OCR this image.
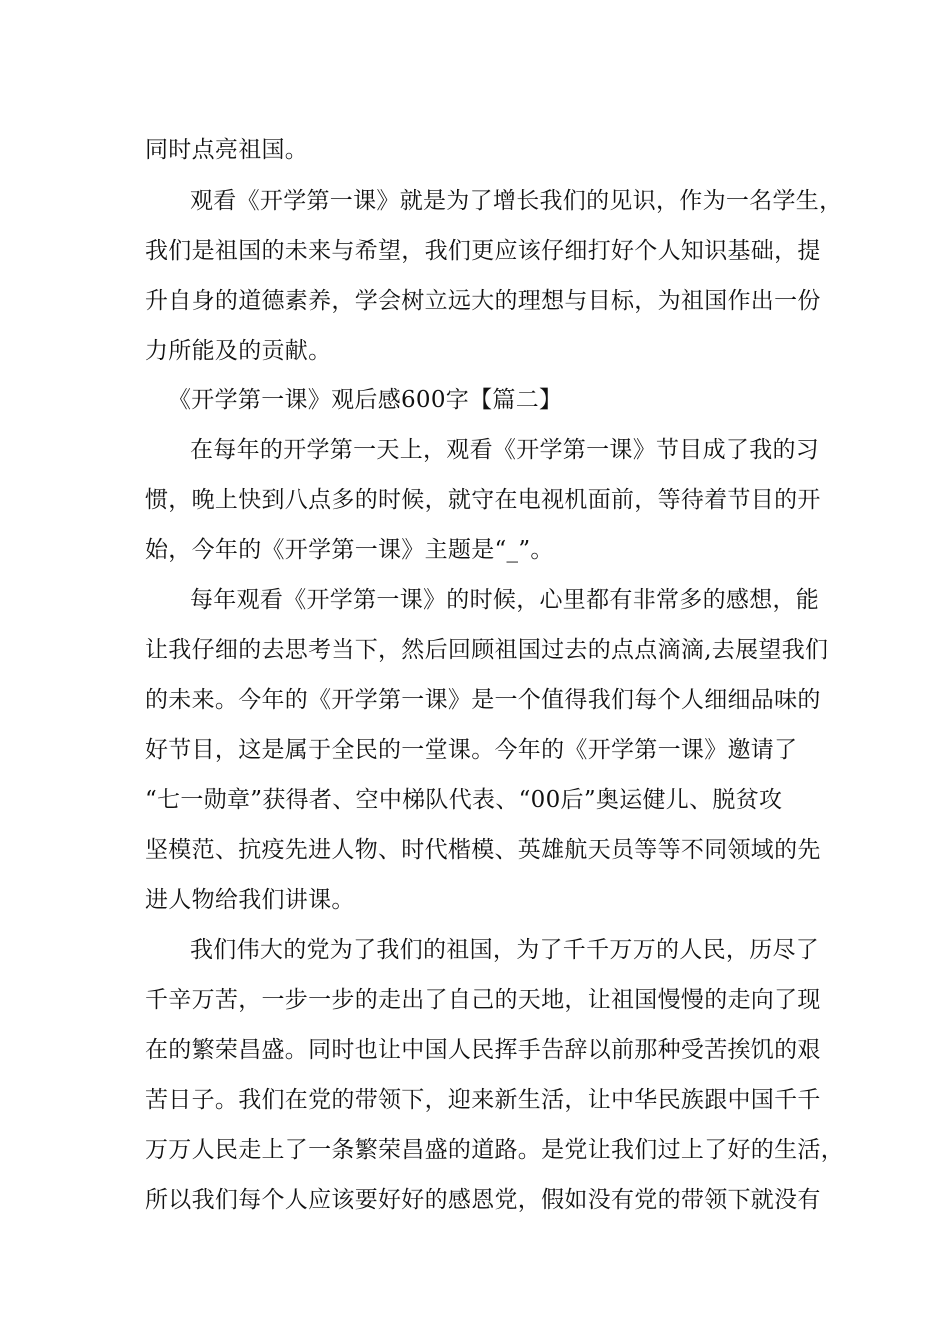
同时点亮祖国。
观看《开学第一课》就是为了增长我们的见识，作为一名学生，
我们是祖国的未来与希望，我们更应该仔细打好个人知识基础，提
升自身的道德素养，学会树立远大的理想与目标，为祖国作出一份
力所能及的贡献。
《开学第一课》观后感600字【篇二】
在每年的开学第一天上，观看《开学第一课》节目成了我的习
惯，晚上快到八点多的时候，就守在电视机面前，等待着节目的开
始，今年的《开学第一课》主题是“_”。
每年观看《开学第一课》的时候，心里都有非常多的感想，能
让我仔细的去思考当下，然后回顾祖国过去的点点滴滴,去展望我们
的未来。今年的《开学第一课》是一个值得我们每个人细细品味的
好节目，这是属于全民的一堂课。今年的《开学第一课》邀请了
“七一勋章”获得者、空中梯队代表、“00后”奥运健儿、脱贫攻
坚模范、抗疫先进人物、时代楷模、英雄航天员等等不同领域的先
进人物给我们讲课。
我们伟大的党为了我们的祖国，为了千千万万的人民，历尽了
千辛万苦，一步一步的走出了自己的天地，让祖国慢慢的走向了现
在的繁荣昌盛。同时也让中国人民挥手告辞以前那种受苦挨饥的艰
苦日子。我们在党的带领下，迎来新生活，让中华民族跟中国千千
万万人民走上了一条繁荣昌盛的道路。是党让我们过上了好的生活，
所以我们每个人应该要好好的感恩党，假如没有党的带领下就没有
